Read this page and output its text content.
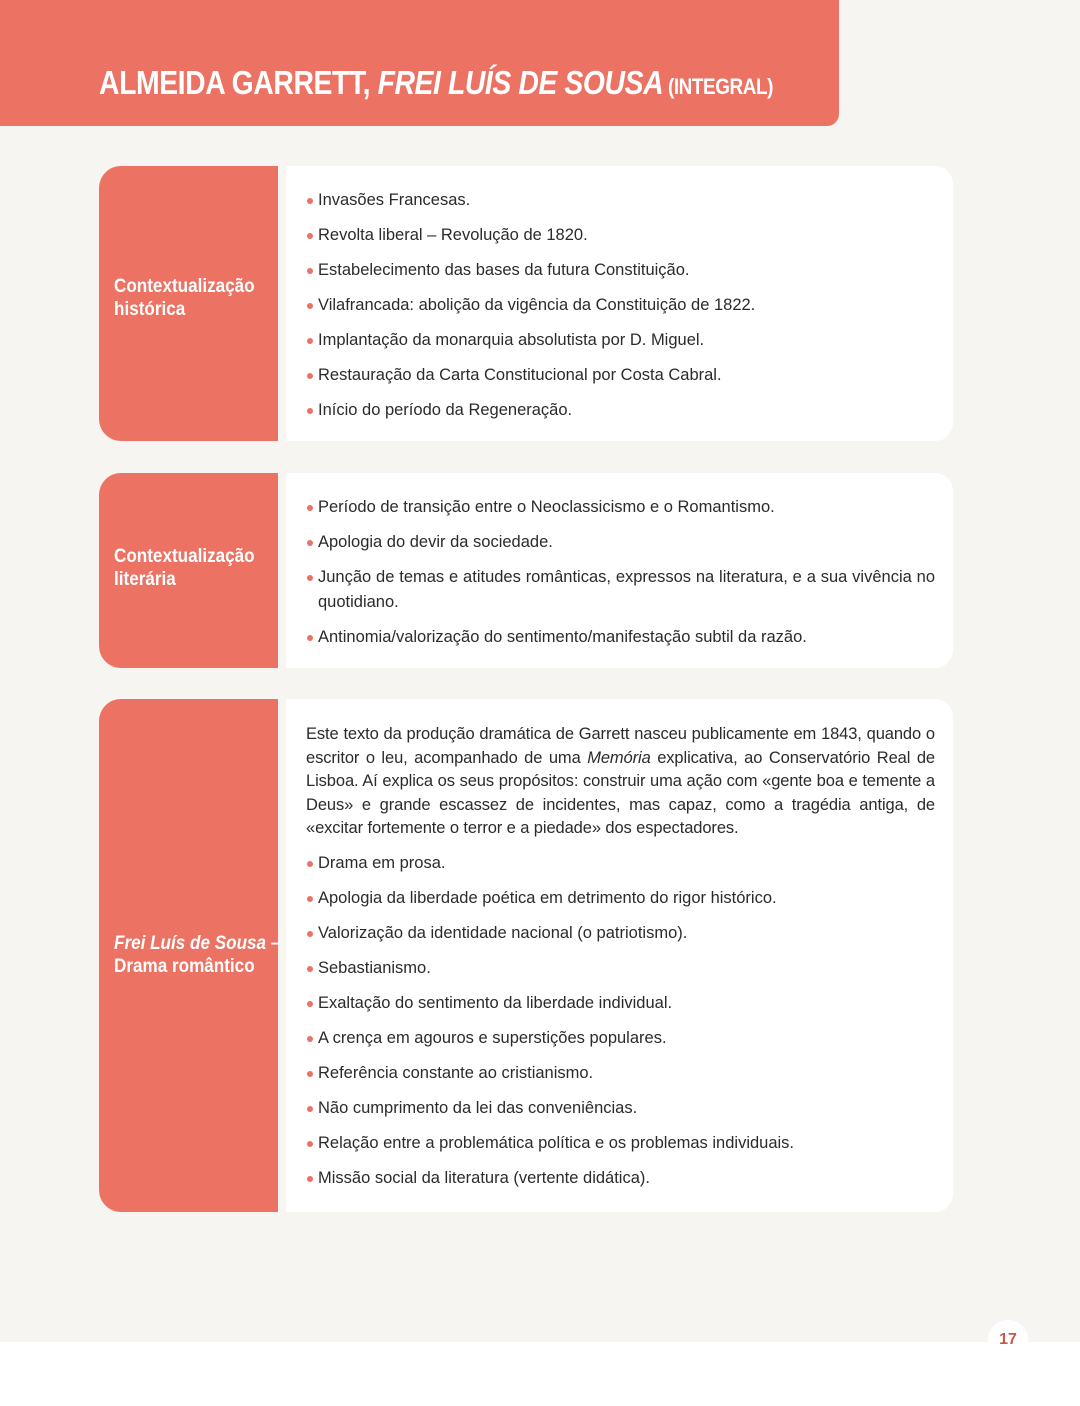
ALMEIDA GARRETT, FREI LUÍS DE SOUSA (INTEGRAL)
Contextualização
histórica
Invasões Francesas.
Revolta liberal – Revolução de 1820.
Estabelecimento das bases da futura Constituição.
Vilafrancada: abolição da vigência da Constituição de 1822.
Implantação da monarquia absolutista por D. Miguel.
Restauração da Carta Constitucional por Costa Cabral.
Início do período da Regeneração.
Contextualização
literária
Período de transição entre o Neoclassicismo e o Romantismo.
Apologia do devir da sociedade.
Junção de temas e atitudes românticas, expressos na literatura, e a sua vivência no quotidiano.
Antinomia/valorização do sentimento/manifestação subtil da razão.
Frei Luís de Sousa –
Drama romântico

Este texto da produção dramática de Garrett nasceu publicamente em 1843, quando o escritor o leu, acompanhado de uma Memória explicativa, ao Conservatório Real de Lisboa. Aí explica os seus propósitos: construir uma ação com «gente boa e temente a Deus» e grande escassez de incidentes, mas capaz, como a tragédia antiga, de «excitar fortemente o terror e a piedade» dos espectadores.

Drama em prosa.
Apologia da liberdade poética em detrimento do rigor histórico.
Valorização da identidade nacional (o patriotismo).
Sebastianismo.
Exaltação do sentimento da liberdade individual.
A crença em agouros e superstições populares.
Referência constante ao cristianismo.
Não cumprimento da lei das conveniências.
Relação entre a problemática política e os problemas individuais.
Missão social da literatura (vertente didática).
17
